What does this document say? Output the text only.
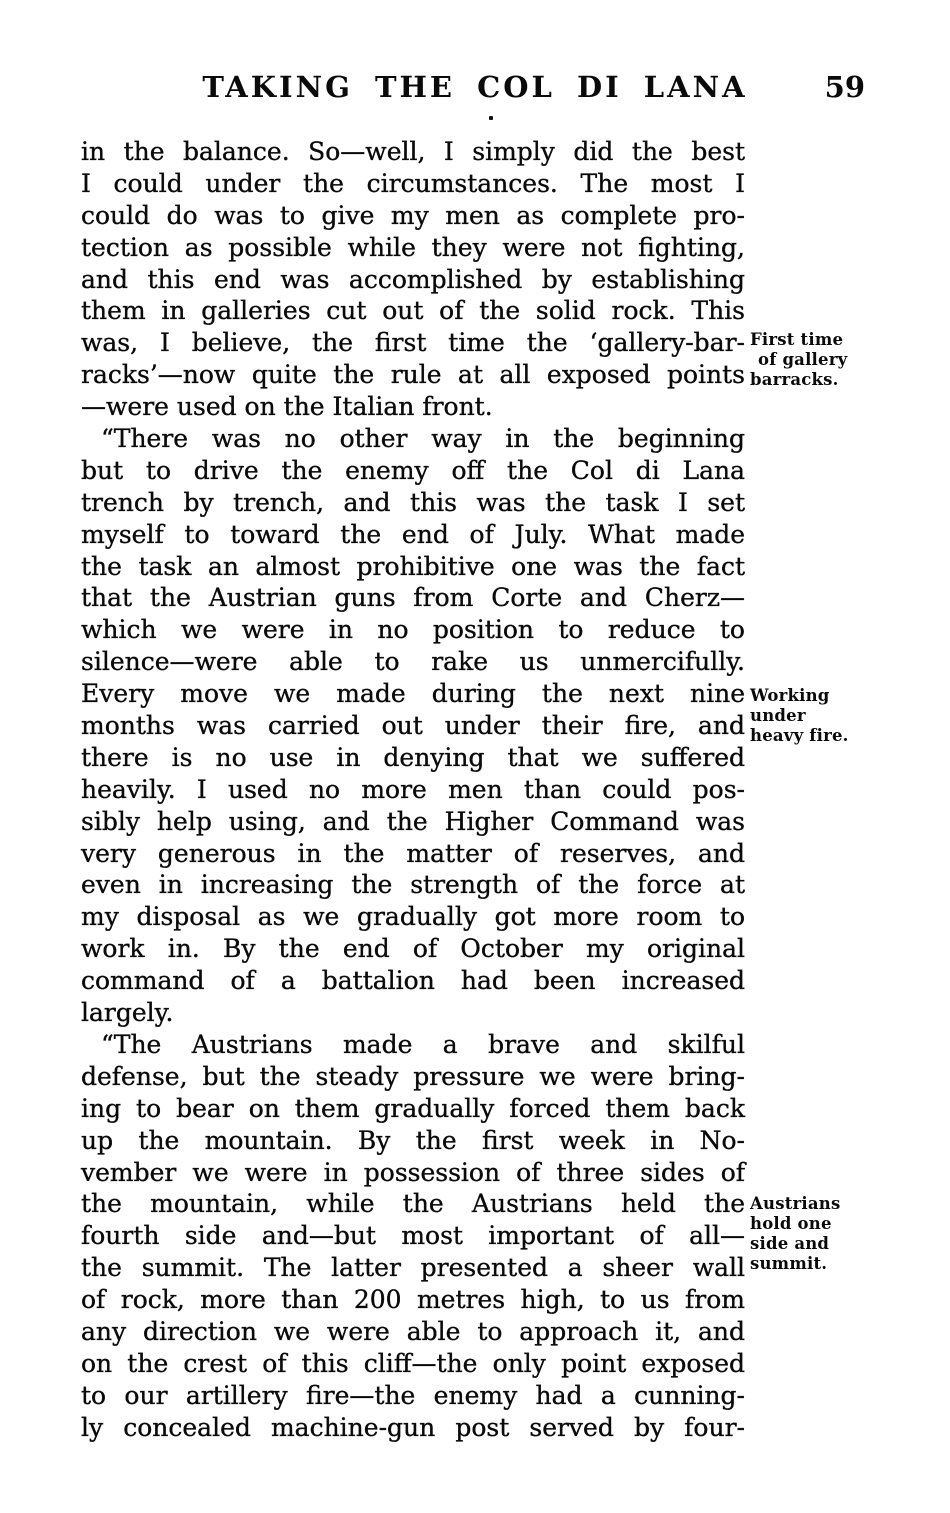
TAKING THE COL DI LANA	59
in the balance. So—well, I simply did the best
I could under the circumstances. The most I
could do was to give my men as complete pro-
tection as possible while they were not fighting,
and this end was accomplished by establishing
them in galleries cut out of the solid rock. This
was, I believe, the first time the ‘gallery-bar-
racks’—now quite the rule at all exposed points
—were used on the Italian front.
“There was no other way in the beginning
but to drive the enemy off the Col di Lana
trench by trench, and this was the task I set
myself to toward the end of July. What made
the task an almost prohibitive one was the fact
that the Austrian guns from Corte and Cherz—
which we were in no position to reduce to
silence—were able to rake us unmercifully.
Every move we made during the next nine
months was carried out under their fire, and
there is no use in denying that we suffered
heavily. I used no more men than could pos-
sibly help using, and the Higher Command was
very generous in the matter of reserves, and
even in increasing the strength of the force at
my disposal as we gradually got more room to
work in. By the end of October my original
command of a battalion had been increased
largely.
“The Austrians made a brave and skilful
defense, but the steady pressure we were bring-
ing to bear on them gradually forced them back
up the mountain. By the first week in No-
vember we were in possession of three sides of
the mountain, while the Austrians held the
fourth side and—but most important of all—
the summit. The latter presented a sheer wall
of rock, more than 200 metres high, to us from
any direction we were able to approach it, and
on the crest of this cliff—the only point exposed
to our artillery fire—the enemy had a cunning-
ly concealed machine-gun post served by four-
First time
of gallery
barracks.
Working
under
heavy fire.
Austrians
hold one
side and
summit.
